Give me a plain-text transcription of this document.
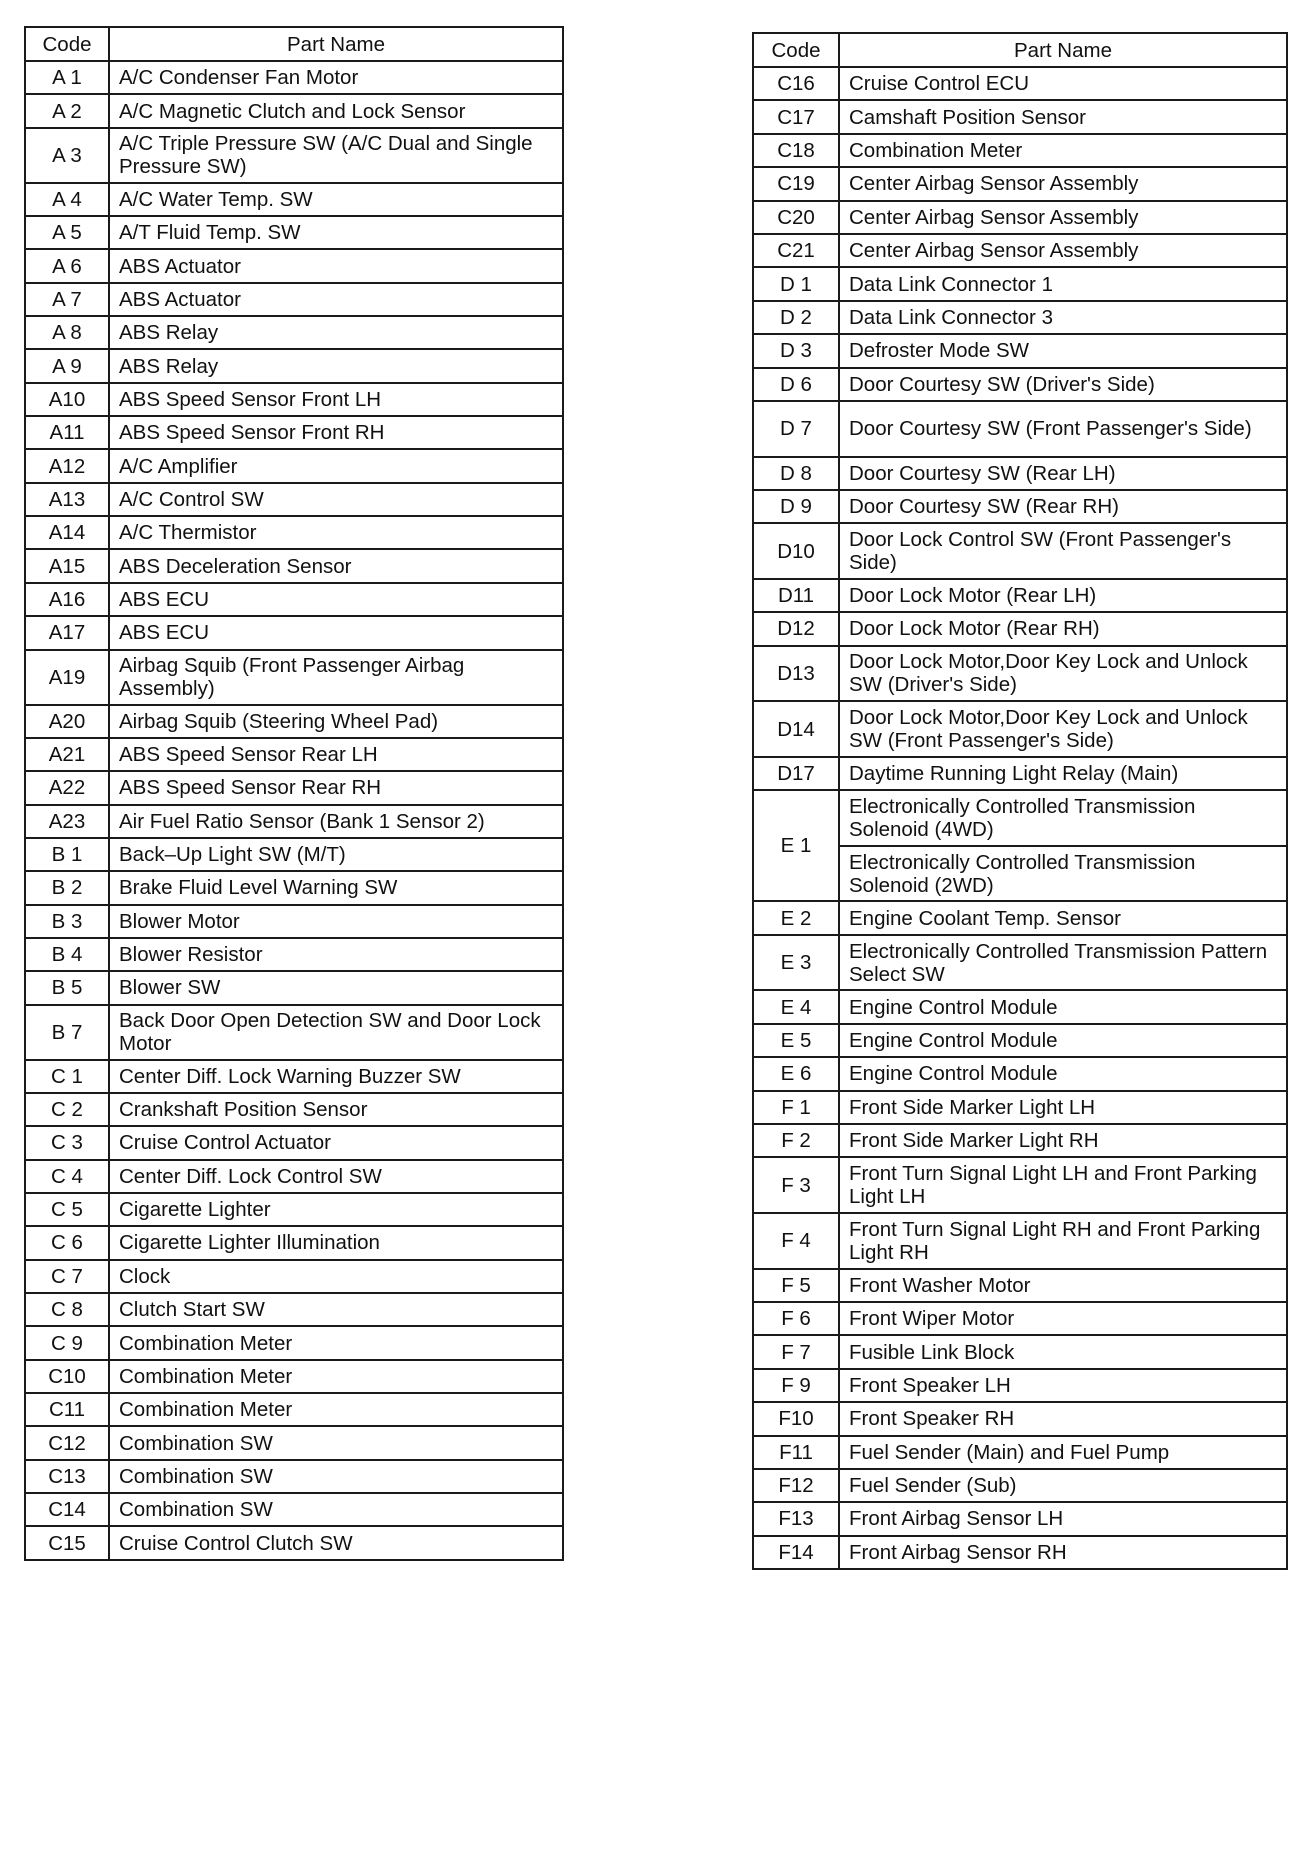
Code	Part Name
A 1	A/C Condenser Fan Motor
A 2	A/C Magnetic Clutch and Lock Sensor
A 3	A/C Triple Pressure SW (A/C Dual and Single Pressure SW)
A 4	A/C Water Temp. SW
A 5	A/T Fluid Temp. SW
A 6	ABS Actuator
A 7	ABS Actuator
A 8	ABS Relay
A 9	ABS Relay
A10	ABS Speed Sensor Front LH
A11	ABS Speed Sensor Front RH
A12	A/C Amplifier
A13	A/C Control SW
A14	A/C Thermistor
A15	ABS Deceleration Sensor
A16	ABS ECU
A17	ABS ECU
A19	Airbag Squib (Front Passenger Airbag Assembly)
A20	Airbag Squib (Steering Wheel Pad)
A21	ABS Speed Sensor Rear LH
A22	ABS Speed Sensor Rear RH
A23	Air Fuel Ratio Sensor (Bank 1 Sensor 2)
B 1	Back–Up Light SW (M/T)
B 2	Brake Fluid Level Warning SW
B 3	Blower Motor
B 4	Blower Resistor
B 5	Blower SW
B 7	Back Door Open Detection SW and Door Lock Motor
C 1	Center Diff. Lock Warning Buzzer SW
C 2	Crankshaft Position Sensor
C 3	Cruise Control Actuator
C 4	Center Diff. Lock Control SW
C 5	Cigarette Lighter
C 6	Cigarette Lighter Illumination
C 7	Clock
C 8	Clutch Start SW
C 9	Combination Meter
C10	Combination Meter
C11	Combination Meter
C12	Combination SW
C13	Combination SW
C14	Combination SW
C15	Cruise Control Clutch SW
Code	Part Name
C16	Cruise Control ECU
C17	Camshaft Position Sensor
C18	Combination Meter
C19	Center Airbag Sensor Assembly
C20	Center Airbag Sensor Assembly
C21	Center Airbag Sensor Assembly
D 1	Data Link Connector 1
D 2	Data Link Connector 3
D 3	Defroster Mode SW
D 6	Door Courtesy SW (Driver's Side)
D 7	Door Courtesy SW (Front Passenger's Side)
D 8	Door Courtesy SW (Rear LH)
D 9	Door Courtesy SW (Rear RH)
D10	Door Lock Control SW (Front Passenger's Side)
D11	Door Lock Motor (Rear LH)
D12	Door Lock Motor (Rear RH)
D13	Door Lock Motor,Door Key Lock and Unlock SW (Driver's Side)
D14	Door Lock Motor,Door Key Lock and Unlock SW (Front Passenger's Side)
D17	Daytime Running Light Relay (Main)
E 1	Electronically Controlled Transmission Solenoid (4WD)
	Electronically Controlled Transmission Solenoid (2WD)
E 2	Engine Coolant Temp. Sensor
E 3	Electronically Controlled Transmission Pattern Select SW
E 4	Engine Control Module
E 5	Engine Control Module
E 6	Engine Control Module
F 1	Front Side Marker Light LH
F 2	Front Side Marker Light RH
F 3	Front Turn Signal Light LH and Front Parking Light LH
F 4	Front Turn Signal Light RH and Front Parking Light RH
F 5	Front Washer Motor
F 6	Front Wiper Motor
F 7	Fusible Link Block
F 9	Front Speaker LH
F10	Front Speaker RH
F11	Fuel Sender (Main) and Fuel Pump
F12	Fuel Sender (Sub)
F13	Front Airbag Sensor LH
F14	Front Airbag Sensor RH
